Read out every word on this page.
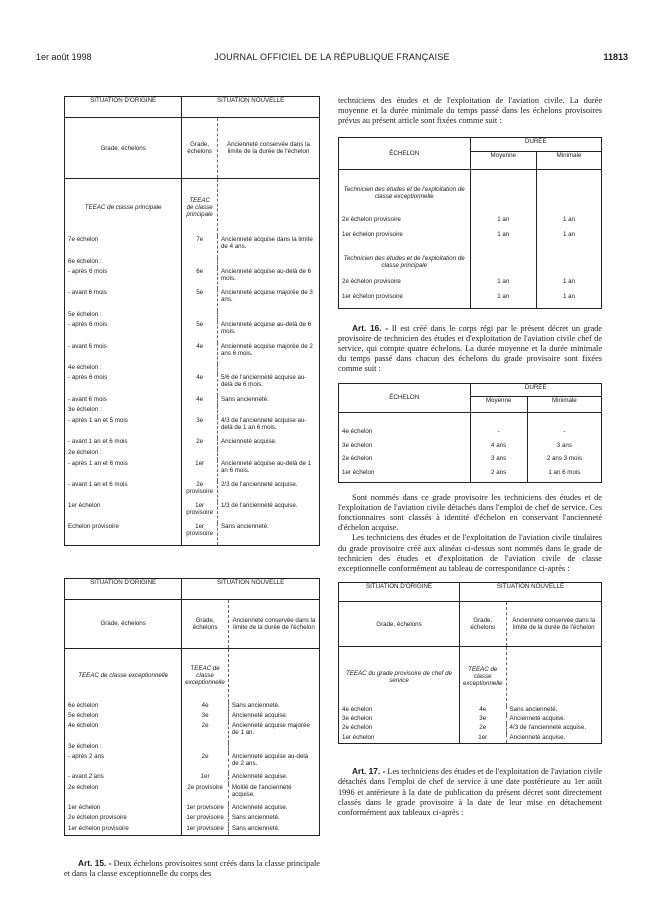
1er août 1998	JOURNAL OFFICIEL DE LA RÉPUBLIQUE FRANÇAISE	11813
SITUATION D'ORIGINE	SITUATION NOUVELLE	
Grade, échelons	Grade, échelons	Ancienneté conservée dans la limite de la durée de l'échelon
TEEAC de classe principale	TEEAC de classe principale	
7e échelon	7e	Ancienneté acquise dans la limite de 4 ans.
6e échelon :		
- après 6 mois	6e	Ancienneté acquise au-delà de 6 mois.
- avant 6 mois	5e	Ancienneté acquise majorée de 3 ans.
5e échelon :		
- après 6 mois	5e	Ancienneté acquise au-delà de 6 mois.
- avant 6 mois	4e	Ancienneté acquise majorée de 2 ans 6 mois.
4e échelon :		
- après 6 mois	4e	5/6 de l'ancienneté acquise au-delà de 6 mois.
- avant 6 mois	4e	Sans ancienneté.
3e échelon :		
- après 1 an et 5 mois	3e	4/3 de l'ancienneté acquise au-delà de 1 an 6 mois.
- avant 1 an et 6 mois	2e	Ancienneté acquise.
2e échelon :		
- après 1 an et 6 mois	1er	Ancienneté acquise au-delà de 1 an 6 mois.
- avant 1 an et 6 mois	2e provisoire	2/3 de l'ancienneté acquise.
1er échelon	1er provisoire	1/3 de l'ancienneté acquise.
Echelon provisoire	1er provisoire	Sans ancienneté.

SITUATION D'ORIGINE	SITUATION NOUVELLE	
Grade, échelons	Grade, échelons	Ancienneté conservée dans la limite de la durée de l'échelon
TEEAC de classe exceptionnelle	TEEAC de classe exceptionnelle	
6e échelon	4e	Sans ancienneté.
5e échelon	3e	Ancienneté acquise.
4e échelon	2e	Ancienneté acquise majorée de 1 an.
3e échelon :		
- après 2 ans	2e	Ancienneté acquise au-delà de 2 ans.
- avant 2 ans	1er	Ancienneté acquise.
2e échelon	2e provisoire	Moitié de l'ancienneté acquise.
1er échelon	1er provisoire	Ancienneté acquise.
2e échelon provisoire	1er provisoire	Sans ancienneté.
1er échelon provisoire	1er provisoire	Sans ancienneté.

Art. 15. - Deux échelons provisoires sont créés dans la classe principale et dans la classe exceptionnelle du corps des

techniciens des études et de l'exploitation de l'aviation civile. La durée moyenne et la durée minimale du temps passé dans les échelons provisoires prévus au présent article sont fixées comme suit :

ÉCHELON	DURÉE	
	Moyenne	Minimale
Technicien des études et de l'exploitation de classe exceptionnelle		
2e échelon provisoire	1 an	1 an
1er échelon provisoire	1 an	1 an
Technicien des études et de l'exploitation de classe principale		
2e échelon provisoire	1 an	1 an
1er échelon provisoire	1 an	1 an

Art. 16. - Il est créé dans le corps régi par le présent décret un grade provisoire de technicien des études et d'exploitation de l'aviation civile chef de service, qui compte quatre échelons. La durée moyenne et la durée minimale du temps passé dans chacun des échelons du grade provisoire sont fixées comme suit :

ÉCHELON	DURÉE	
	Moyenne	Minimale

4e échelon	-	-
3e échelon	4 ans	3 ans
2e échelon	3 ans	2 ans 3 mois
1er échelon	2 ans	1 an 6 mois

Sont nommés dans ce grade provisoire les techniciens des études et de l'exploitation de l'aviation civile détachés dans l'emploi de chef de service. Ces fonctionnaires sont classés à identité d'échelon en conservant l'ancienneté d'échelon acquise.

Les techniciens des études et de l'exploitation de l'aviation civile titulaires du grade provisoire créé aux alinéas ci-dessus sont nommés dans le grade de technicien des études et d'exploitation de l'aviation civile de classe exceptionnelle conformément au tableau de correspondance ci-après :

SITUATION D'ORIGINE	SITUATION NOUVELLE	
Grade, échelons	Grade, échelons	Ancienneté conservée dans la limite de la durée de l'échelon
TEEAC du grade provisoire de chef de service	TEEAC de classe exceptionnelle	
4e échelon	4e	Sans ancienneté.
3e échelon	3e	Ancienneté acquise.
2e échelon	2e	4/3 de l'ancienneté acquise.
1er échelon	1er	Ancienneté acquise.

Art. 17. - Les techniciens des études et de l'exploitation de l'aviation civile détachés dans l'emploi de chef de service à une date postérieure au 1er août 1996 et antérieure à la date de publication du présent décret sont directement classés dans le grade provisoire à la date de leur mise en détachement conformément aux tableaux ci-après :
